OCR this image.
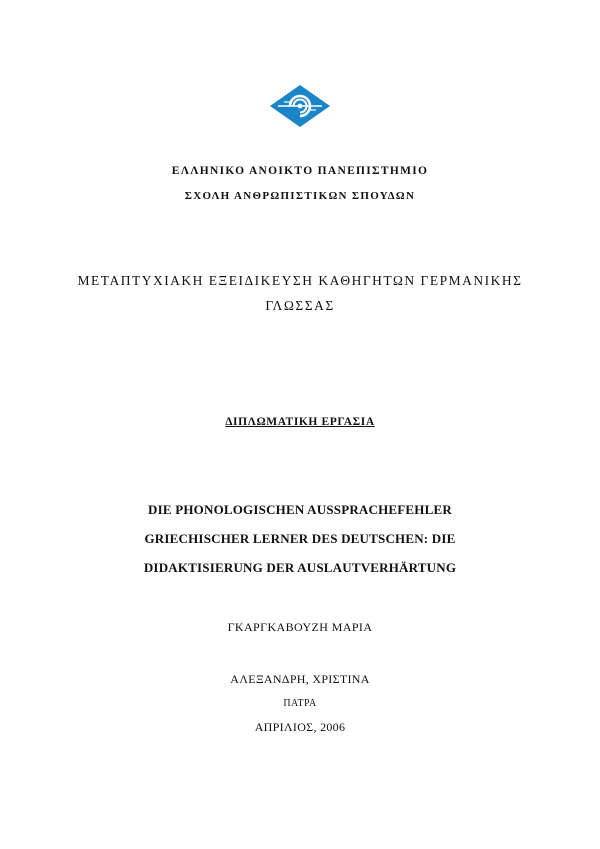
ΕΛΛΗΝΙΚΟ ΑΝΟΙΚΤΟ ΠΑΝΕΠΙΣΤΗΜΙΟ
ΣΧΟΛΗ ΑΝΘΡΩΠΙΣΤΙΚΩΝ ΣΠΟΥΔΩΝ
ΜΕΤΑΠΤΥΧΙΑΚΗ ΕΞΕΙΔΙΚΕΥΣΗ ΚΑΘΗΓΗΤΩΝ ΓΕΡΜΑΝΙΚΗΣ
ΓΛΩΣΣΑΣ
ΔΙΠΛΩΜΑΤΙΚΗ ΕΡΓΑΣΙΑ
DIE PHONOLOGISCHEN AUSSPRACHEFEHLER
GRIECHISCHER LERNER DES DEUTSCHEN: DIE
DIDAKTISIERUNG DER AUSLAUTVERHÄRTUNG
ΓΚΑΡΓΚΑΒΟΥΖΗ ΜΑΡΙΑ
ΑΛΕΞΑΝΔΡΗ, ΧΡΙΣΤΙΝΑ
ΠΑΤΡΑ
ΑΠΡΙΛΙΟΣ, 2006
